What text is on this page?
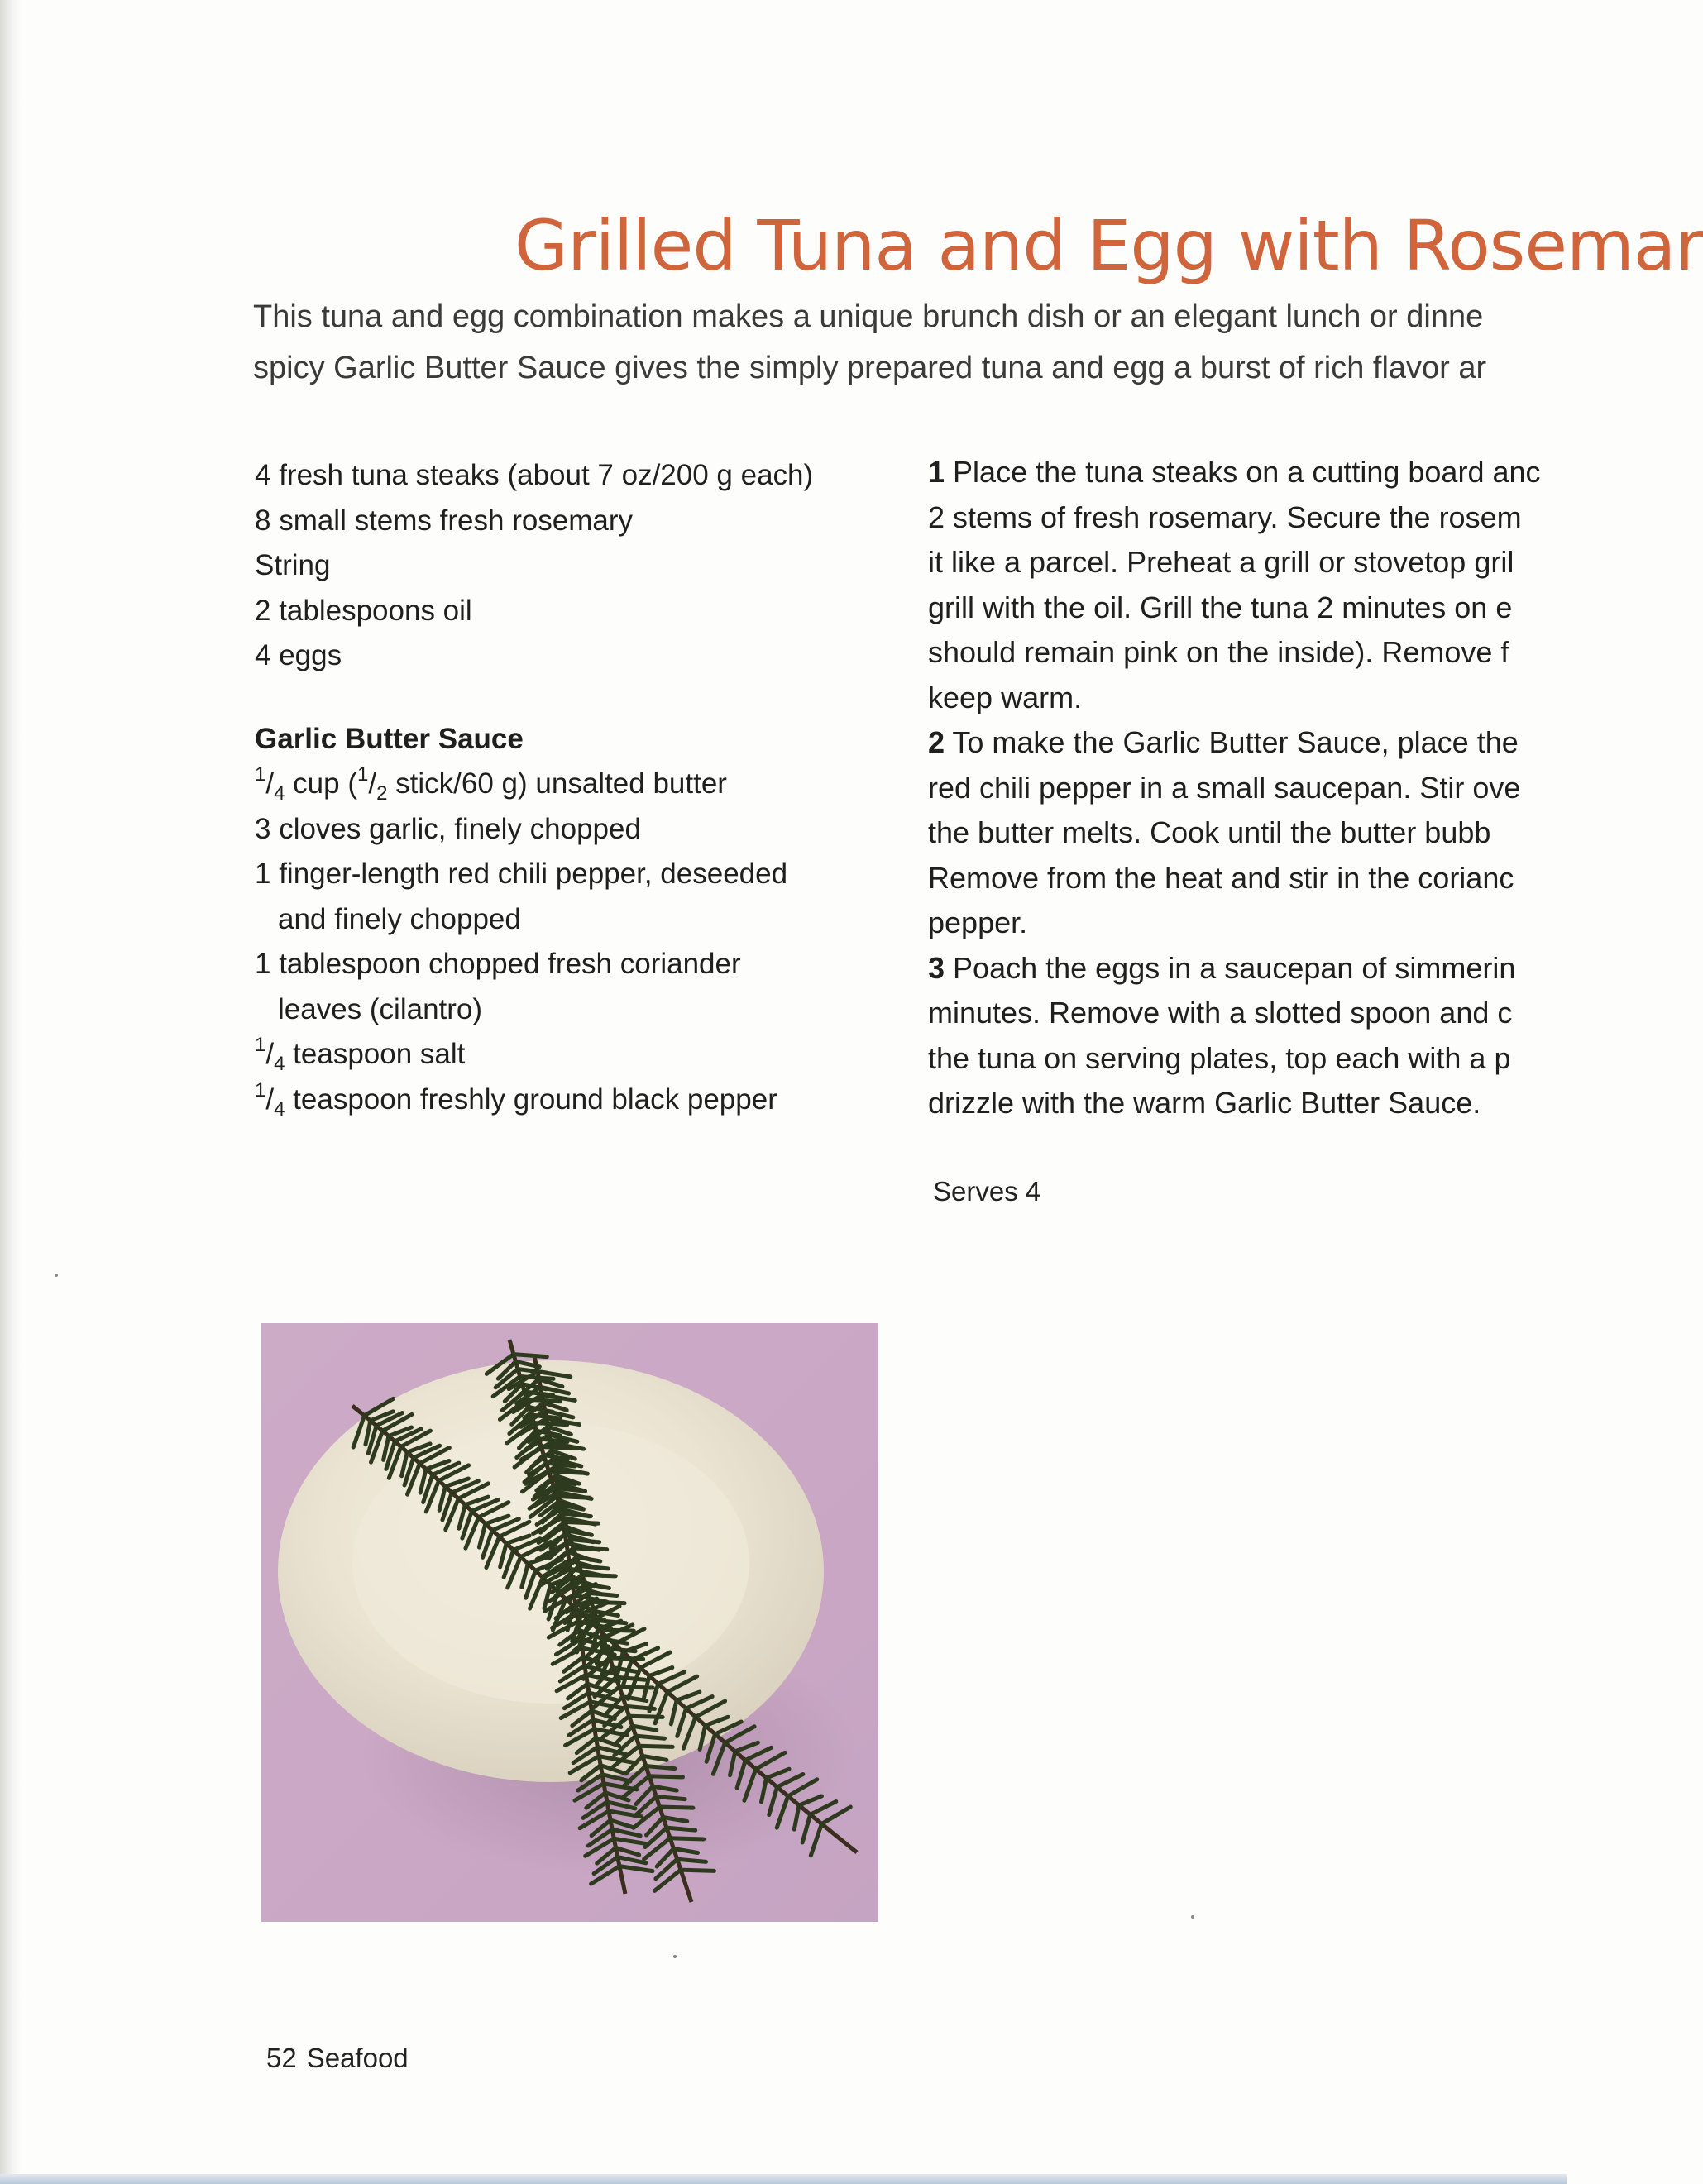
Grilled Tuna and Egg with Rosemar
This tuna and egg combination makes a unique brunch dish or an elegant lunch or dinne
spicy Garlic Butter Sauce gives the simply prepared tuna and egg a burst of rich flavor ar
4 fresh tuna steaks (about 7 oz/200 g each)
8 small stems fresh rosemary
String
2 tablespoons oil
4 eggs
Garlic Butter Sauce
$^1/_4$ cup ($^1/_2$ stick/60 g) unsalted butter
3 cloves garlic, finely chopped
1 finger-length red chili pepper, deseeded
and finely chopped
1 tablespoon chopped fresh coriander
leaves (cilantro)
$^1/_4$ teaspoon salt
$^1/_4$ teaspoon freshly ground black pepper
1 Place the tuna steaks on a cutting board anc
2 stems of fresh rosemary. Secure the rosem
it like a parcel. Preheat a grill or stovetop gril
grill with the oil. Grill the tuna 2 minutes on e
should remain pink on the inside). Remove f
keep warm.
2 To make the Garlic Butter Sauce, place the
red chili pepper in a small saucepan. Stir ove
the butter melts. Cook until the butter bubb
Remove from the heat and stir in the corianc
pepper.
3 Poach the eggs in a saucepan of simmerin
minutes. Remove with a slotted spoon and c
the tuna on serving plates, top each with a p
drizzle with the warm Garlic Butter Sauce.
Serves 4
52 Seafood
